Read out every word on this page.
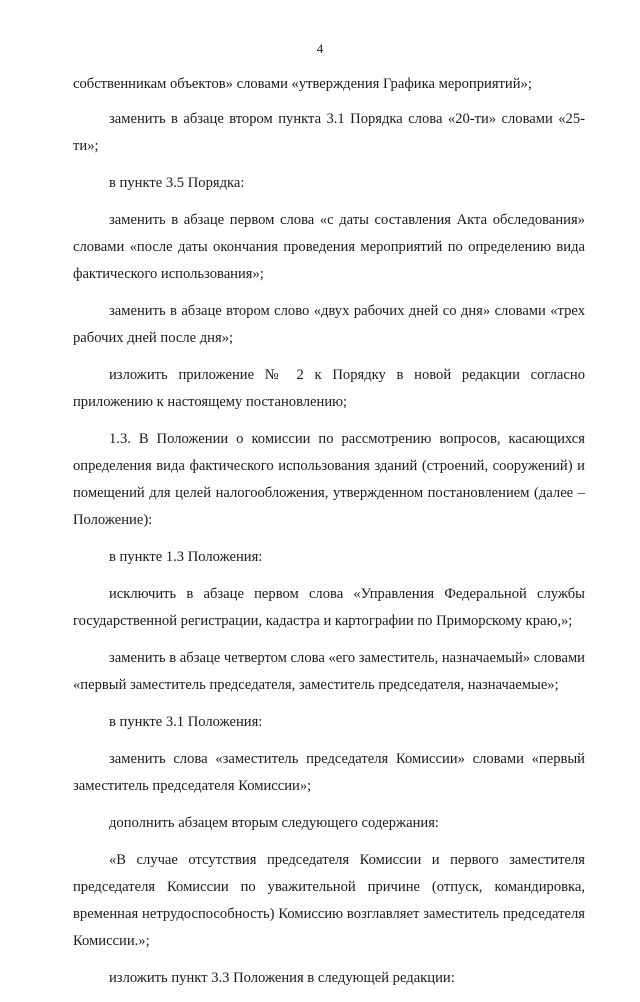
4

собственникам объектов» словами «утверждения Графика мероприятий»;

заменить в абзаце втором пункта 3.1 Порядка слова «20-ти» словами «25-ти»;

в пункте 3.5 Порядка:

заменить в абзаце первом слова «с даты составления Акта обследования» словами «после даты окончания проведения мероприятий по определению вида фактического использования»;

заменить в абзаце втором слово «двух рабочих дней со дня» словами «трех рабочих дней после дня»;

изложить приложение № 2 к Порядку в новой редакции согласно приложению к настоящему постановлению;

1.3. В Положении о комиссии по рассмотрению вопросов, касающихся определения вида фактического использования зданий (строений, сооружений) и помещений для целей налогообложения, утвержденном постановлением (далее – Положение):

в пункте 1.3 Положения:

исключить в абзаце первом слова «Управления Федеральной службы государственной регистрации, кадастра и картографии по Приморскому краю,»;

заменить в абзаце четвертом слова «его заместитель, назначаемый» словами «первый заместитель председателя, заместитель председателя, назначаемые»;

в пункте 3.1 Положения:

заменить слова «заместитель председателя Комиссии» словами «первый заместитель председателя Комиссии»;

дополнить абзацем вторым следующего содержания:

«В случае отсутствия председателя Комиссии и первого заместителя председателя Комиссии по уважительной причине (отпуск, командировка, временная нетрудоспособность) Комиссию возглавляет заместитель председателя Комиссии.»;

изложить пункт 3.3 Положения в следующей редакции:
